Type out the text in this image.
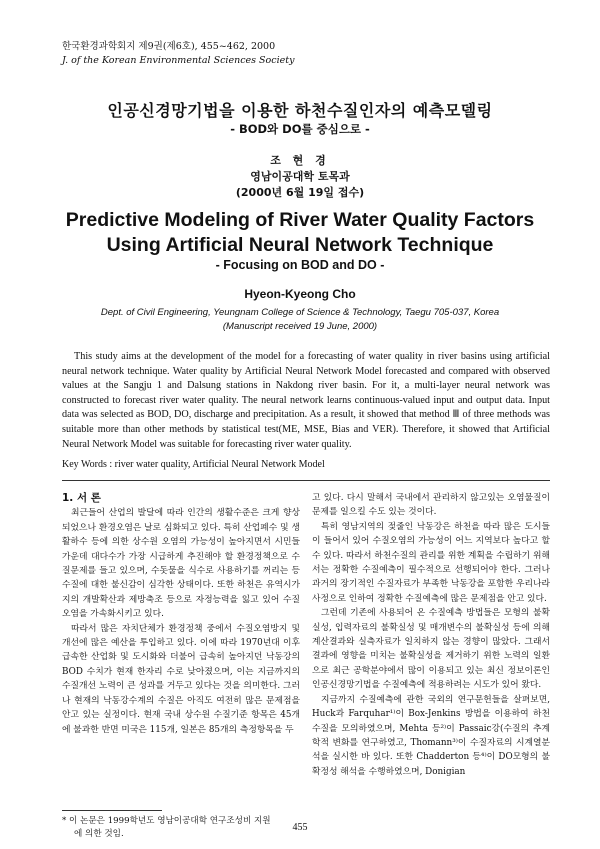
한국환경과학회지 제9권(제6호), 455~462, 2000
J. of the Korean Environmental Sciences Society
인공신경망기법을 이용한 하천수질인자의 예측모델링
- BOD와 DO를 중심으로 -
조 현 경
영남이공대학 토목과
(2000년 6월 19일 접수)
Predictive Modeling of River Water Quality Factors
Using Artificial Neural Network Technique
- Focusing on BOD and DO -
Hyeon-Kyeong Cho
Dept. of Civil Engineering, Yeungnam College of Science & Technology, Taegu 705-037, Korea
(Manuscript received 19 June, 2000)

This study aims at the development of the model for a forecasting of water quality in river basins using artificial neural network technique. Water quality by Artificial Neural Network Model forecasted and compared with observed values at the Sangju 1 and Dalsung stations in Nakdong river basin. For it, a multi-layer neural network was constructed to forecast river water quality. The neural network learns continuous-valued input and output data. Input data was selected as BOD, DO, discharge and precipitation. As a result, it showed that method Ⅲ of three methods was suitable more than other methods by statistical test(ME, MSE, Bias and VER). Therefore, it showed that Artificial Neural Network Model was suitable for forecasting river water quality.

Key Words : river water quality, Artificial Neural Network Model
1. 서 론

최근들어 산업의 발달에 따라 인간의 생활수준은 크게 향상되었으나 환경오염은 날로 심화되고 있다. 특히 산업폐수 및 생활하수 등에 의한 상수원 오염의 가능성이 높아지면서 시민들 가운데 대다수가 가장 시급하게 추진해야 할 환경정책으로 수질문제를 들고 있으며, 수돗물을 식수로 사용하기를 꺼리는 등 수질에 대한 불신감이 심각한 상태이다. 또한 하천은 유역시가지의 개발확산과 제방축조 등으로 자정능력을 잃고 있어 수질오염을 가속화시키고 있다.

따라서 많은 자치단체가 환경정책 중에서 수질오염방지 및 개선에 많은 예산을 투입하고 있다. 이에 따라 1970년대 이후 급속한 산업화 및 도시화와 더불어 급속히 높아지던 낙동강의 BOD 수치가 현재 한자리 수로 낮아졌으며, 이는 지금까지의 수질개선 노력이 큰 성과를 거두고 있다는 것을 의미한다. 그러나 현재의 낙동강수계의 수질은 아직도 여전히 많은 문제점을 안고 있는 실정이다. 현재 국내 상수원 수질기준 항목은 45개에 불과한 반면 미국은 115개, 일본은 85개의 측정항목을 두

고 있다. 다시 말해서 국내에서 관리하지 않고있는 오염물질이 문제를 일으킬 수도 있는 것이다.

특히 영남지역의 젖줄인 낙동강은 하천을 따라 많은 도시들이 들어서 있어 수질오염의 가능성이 어느 지역보다 높다고 할 수 있다. 따라서 하천수질의 관리를 위한 계획을 수립하기 위해서는 정확한 수질예측이 필수적으로 선행되어야 한다. 그러나 과거의 장기적인 수질자료가 부족한 낙동강을 포함한 우리나라 사정으로 인하여 정확한 수질예측에 많은 문제점을 안고 있다.

그런데 기존에 사용되어 온 수질예측 방법들은 모형의 불확실성, 입력자료의 불확실성 및 매개변수의 불확실성 등에 의해 계산결과와 실측자료가 일치하지 않는 경향이 많았다. 그래서 결과에 영향을 미치는 불확실성을 제거하기 위한 노력의 일환으로 최근 공학분야에서 많이 이용되고 있는 최신 정보이론인 인공신경망기법을 수질예측에 적용하려는 시도가 있어 왔다.

지금까지 수질예측에 관한 국외의 연구문헌들을 살펴보면, Huck과 Farquhar¹⁾이 Box-Jenkins 방법을 이용하여 하천수질을 모의하였으며, Mehta 등²⁾이 Passaic강(수질의 추계학적 변화를 연구하였고, Thomann³⁾이 수질자료의 시계열분석을 실시한 바 있다. 또한 Chadderton 등⁴⁾이 DO모형의 불확정성 해석을 수행하였으며, Donigian

* 이 논문은 1999학년도 영남이공대학 연구조성비 지원
에 의한 것임.
455
